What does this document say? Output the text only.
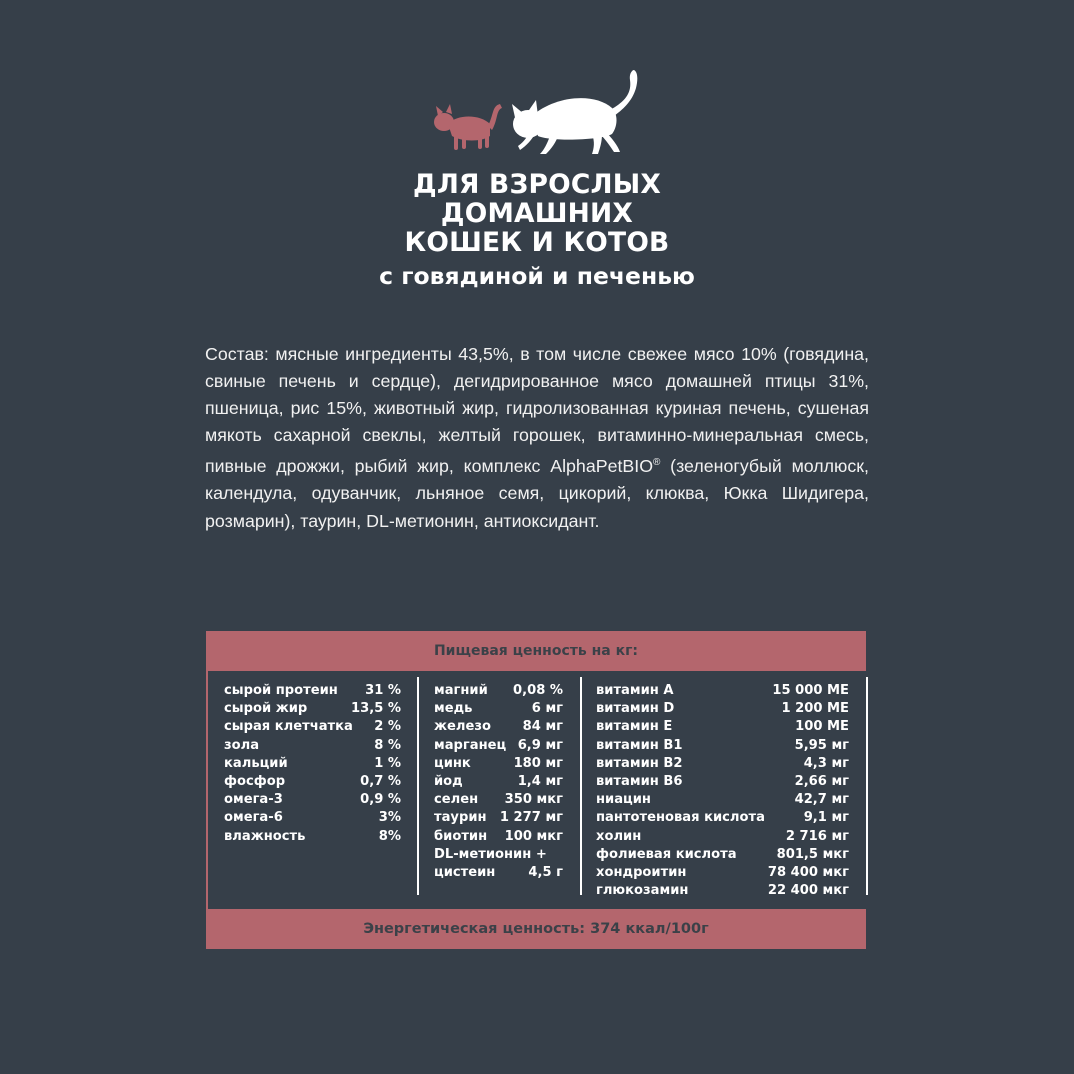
ДЛЯ ВЗРОСЛЫХ
ДОМАШНИХ
КОШЕК И КОТОВ
с говядиной и печенью
Состав: мясные ингредиенты 43,5%, в том числе свежее мясо 10% (говядина, свиные печень и сердце), дегидрированное мясо домашней птицы 31%, пшеница, рис 15%, животный жир, гидролизованная куриная печень, сушеная мякоть сахарной свеклы, желтый горошек, витаминно-минеральная смесь, пивные дрожжи, рыбий жир, комплекс AlphaPetBIO® (зеленогубый моллюск, календула, одуванчик, льняное семя, цикорий, клюква, Юкка Шидигера, розмарин), таурин, DL-метионин, антиоксидант.
Пищевая ценность на кг:
сырой протеин 31 %
сырой жир	13,5 %
сырая клетчатка 2 %
зола	8 %
кальций	1 %
фосфор	0,7 %
омега-3	0,9 %
омега-6	3%
влажность	8%
магний 0,08 %
медь	6 мг
железо 84 мг
марганец 6,9 мг
цинк	180 мг
йод	1,4 мг
селен 350 мкг
таурин 1 277 мг
биотин 100 мкг
DL-метионин +
цистеин	4,5 г
витамин А	15 000 МЕ
витамин D	1 200 МЕ
витамин Е	100 МЕ
витамин В1	5,95 мг
витамин В2	4,3 мг
витамин В6	2,66 мг
ниацин	42,7 мг
пантотеновая кислота	9,1 мг
холин	2 716 мг
фолиевая кислота	801,5 мкг
хондроитин	78 400 мкг
глюкозамин	22 400 мкг
Энергетическая ценность: 374 ккал/100г
